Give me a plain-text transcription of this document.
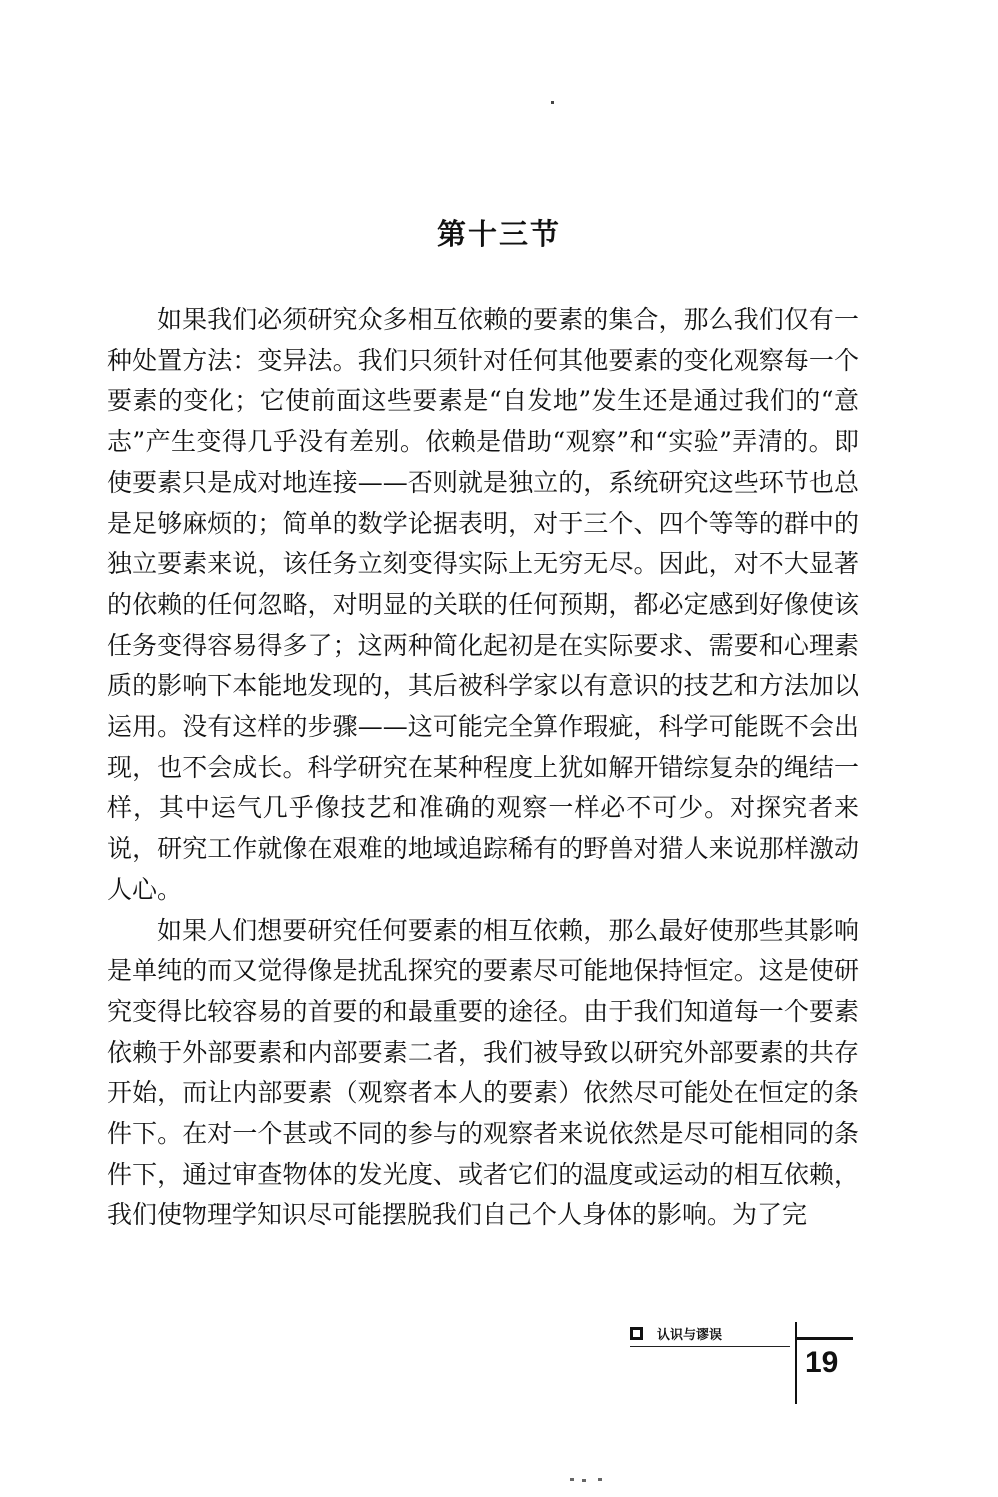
第十三节

如果我们必须研究众多相互依赖的要素的集合，那么我们仅有一种处置方法：变异法。我们只须针对任何其他要素的变化观察每一个要素的变化；它使前面这些要素是“自发地”发生还是通过我们的“意志”产生变得几乎没有差别。依赖是借助“观察”和“实验”弄清的。即使要素只是成对地连接——否则就是独立的，系统研究这些环节也总是足够麻烦的；简单的数学论据表明，对于三个、四个等等的群中的独立要素来说，该任务立刻变得实际上无穷无尽。因此，对不大显著的依赖的任何忽略，对明显的关联的任何预期，都必定感到好像使该任务变得容易得多了；这两种简化起初是在实际要求、需要和心理素质的影响下本能地发现的，其后被科学家以有意识的技艺和方法加以运用。没有这样的步骤——这可能完全算作瑕疵，科学可能既不会出现，也不会成长。科学研究在某种程度上犹如解开错综复杂的绳结一样，其中运气几乎像技艺和准确的观察一样必不可少。对探究者来说，研究工作就像在艰难的地域追踪稀有的野兽对猎人来说那样激动人心。

如果人们想要研究任何要素的相互依赖，那么最好使那些其影响是单纯的而又觉得像是扰乱探究的要素尽可能地保持恒定。这是使研究变得比较容易的首要的和最重要的途径。由于我们知道每一个要素依赖于外部要素和内部要素二者，我们被导致以研究外部要素的共存开始，而让内部要素（观察者本人的要素）依然尽可能处在恒定的条件下。在对一个甚或不同的参与的观察者来说依然是尽可能相同的条件下，通过审查物体的发光度、或者它们的温度或运动的相互依赖，我们使物理学知识尽可能摆脱我们自己个人身体的影响。为了完

认识与谬误
19
